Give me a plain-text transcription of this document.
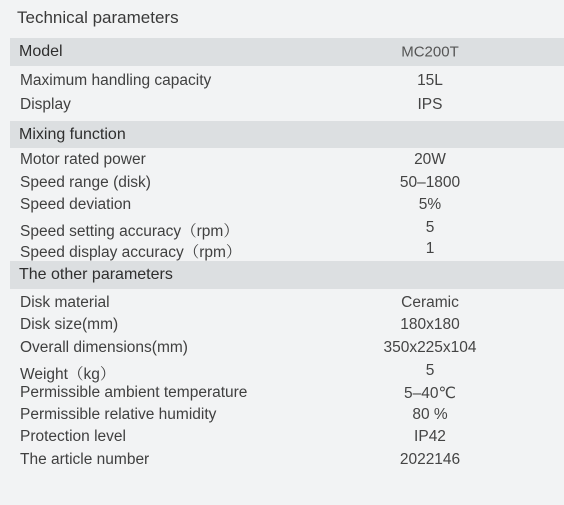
Technical parameters
Model	MC200T
Maximum handling capacity	15L
Display	IPS
Mixing function
Motor rated power	20W
Speed range (disk)	50–1800
Speed deviation	5%
Speed setting accuracy（rpm）	5
Speed display accuracy（rpm）	1
The other parameters
Disk material	Ceramic
Disk size(mm)	180x180
Overall dimensions(mm)	350x225x104
Weight（kg）	5
Permissible ambient temperature	5–40℃
Permissible relative humidity	80 %
Protection level	IP42
The article number	2022146
